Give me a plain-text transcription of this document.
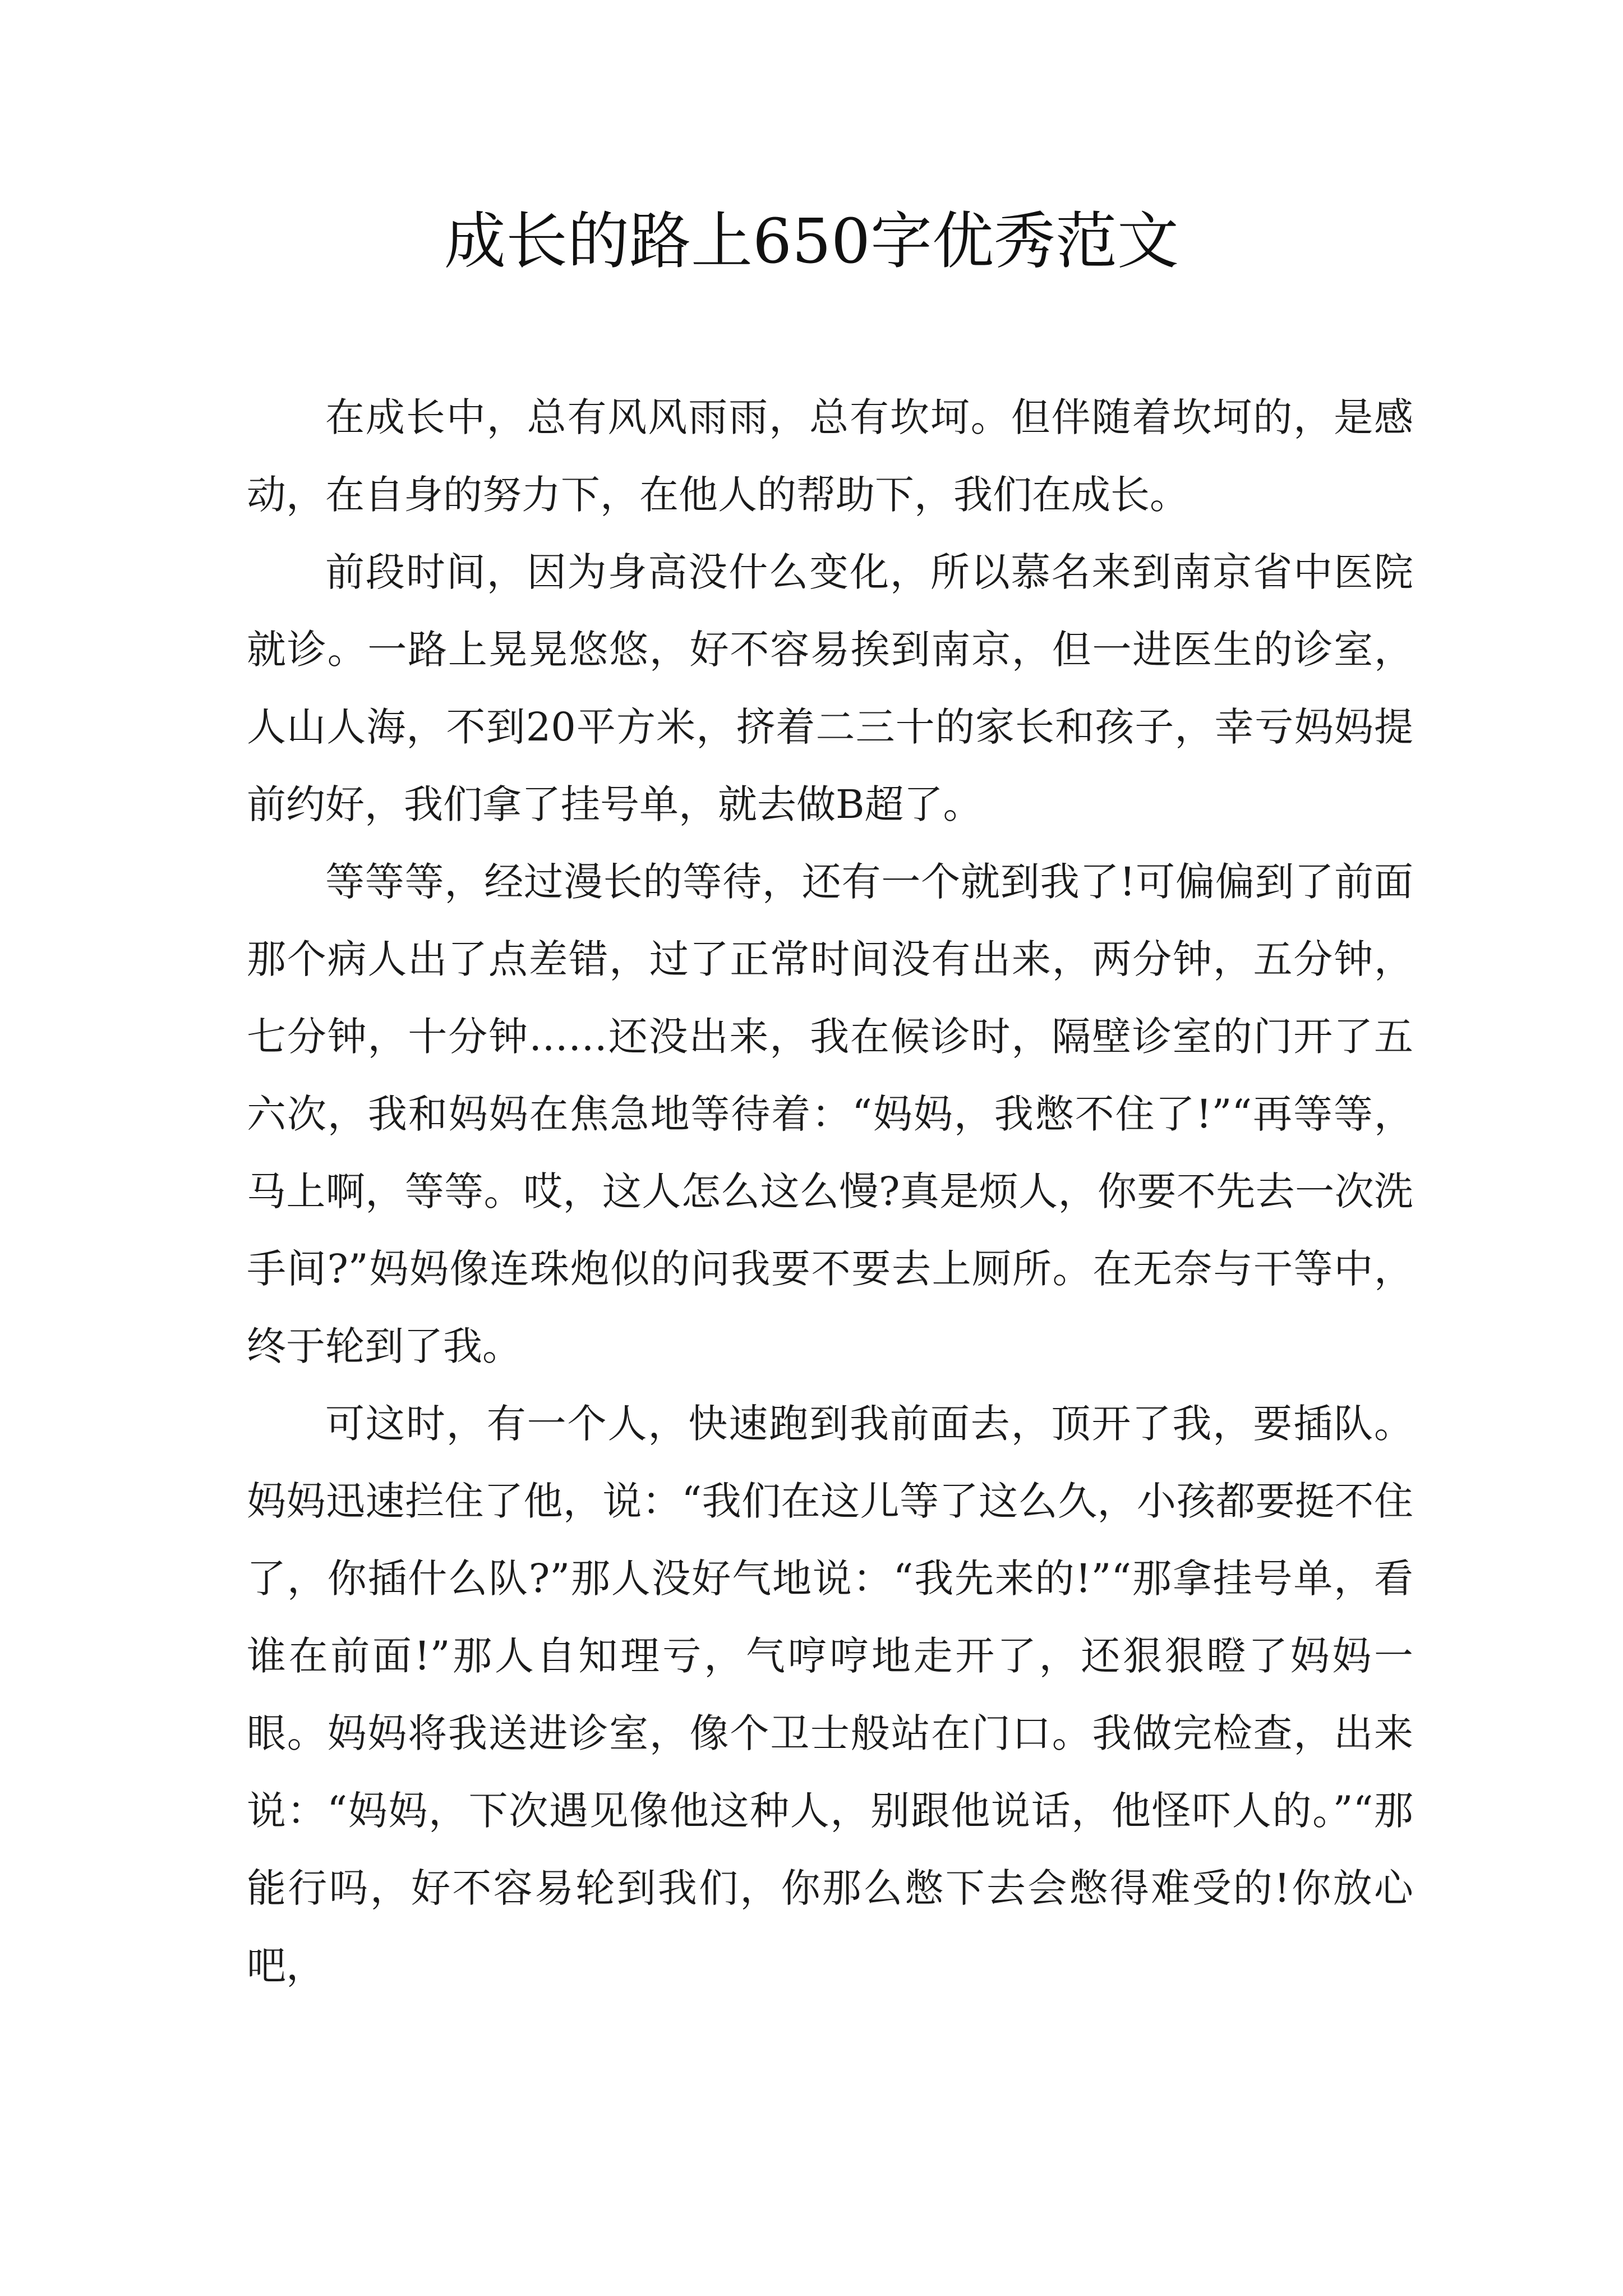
成长的路上650字优秀范文

在成长中，总有风风雨雨，总有坎坷。但伴随着坎坷的，是感动，在自身的努力下，在他人的帮助下，我们在成长。

前段时间，因为身高没什么变化，所以慕名来到南京省中医院就诊。一路上晃晃悠悠，好不容易挨到南京，但一进医生的诊室，人山人海，不到20平方米，挤着二三十的家长和孩子，幸亏妈妈提前约好，我们拿了挂号单，就去做B超了。

等等等，经过漫长的等待，还有一个就到我了!可偏偏到了前面那个病人出了点差错，过了正常时间没有出来，两分钟，五分钟，七分钟，十分钟……还没出来，我在候诊时，隔壁诊室的门开了五六次，我和妈妈在焦急地等待着：“妈妈，我憋不住了!”“再等等，马上啊，等等。哎，这人怎么这么慢?真是烦人，你要不先去一次洗手间?”妈妈像连珠炮似的问我要不要去上厕所。在无奈与干等中，终于轮到了我。

可这时，有一个人，快速跑到我前面去，顶开了我，要插队。妈妈迅速拦住了他，说：“我们在这儿等了这么久，小孩都要挺不住了，你插什么队?”那人没好气地说：“我先来的!”“那拿挂号单，看谁在前面!”那人自知理亏，气哼哼地走开了，还狠狠瞪了妈妈一眼。妈妈将我送进诊室，像个卫士般站在门口。我做完检查，出来说：“妈妈，下次遇见像他这种人，别跟他说话，他怪吓人的。”“那能行吗，好不容易轮到我们，你那么憋下去会憋得难受的!你放心吧，
